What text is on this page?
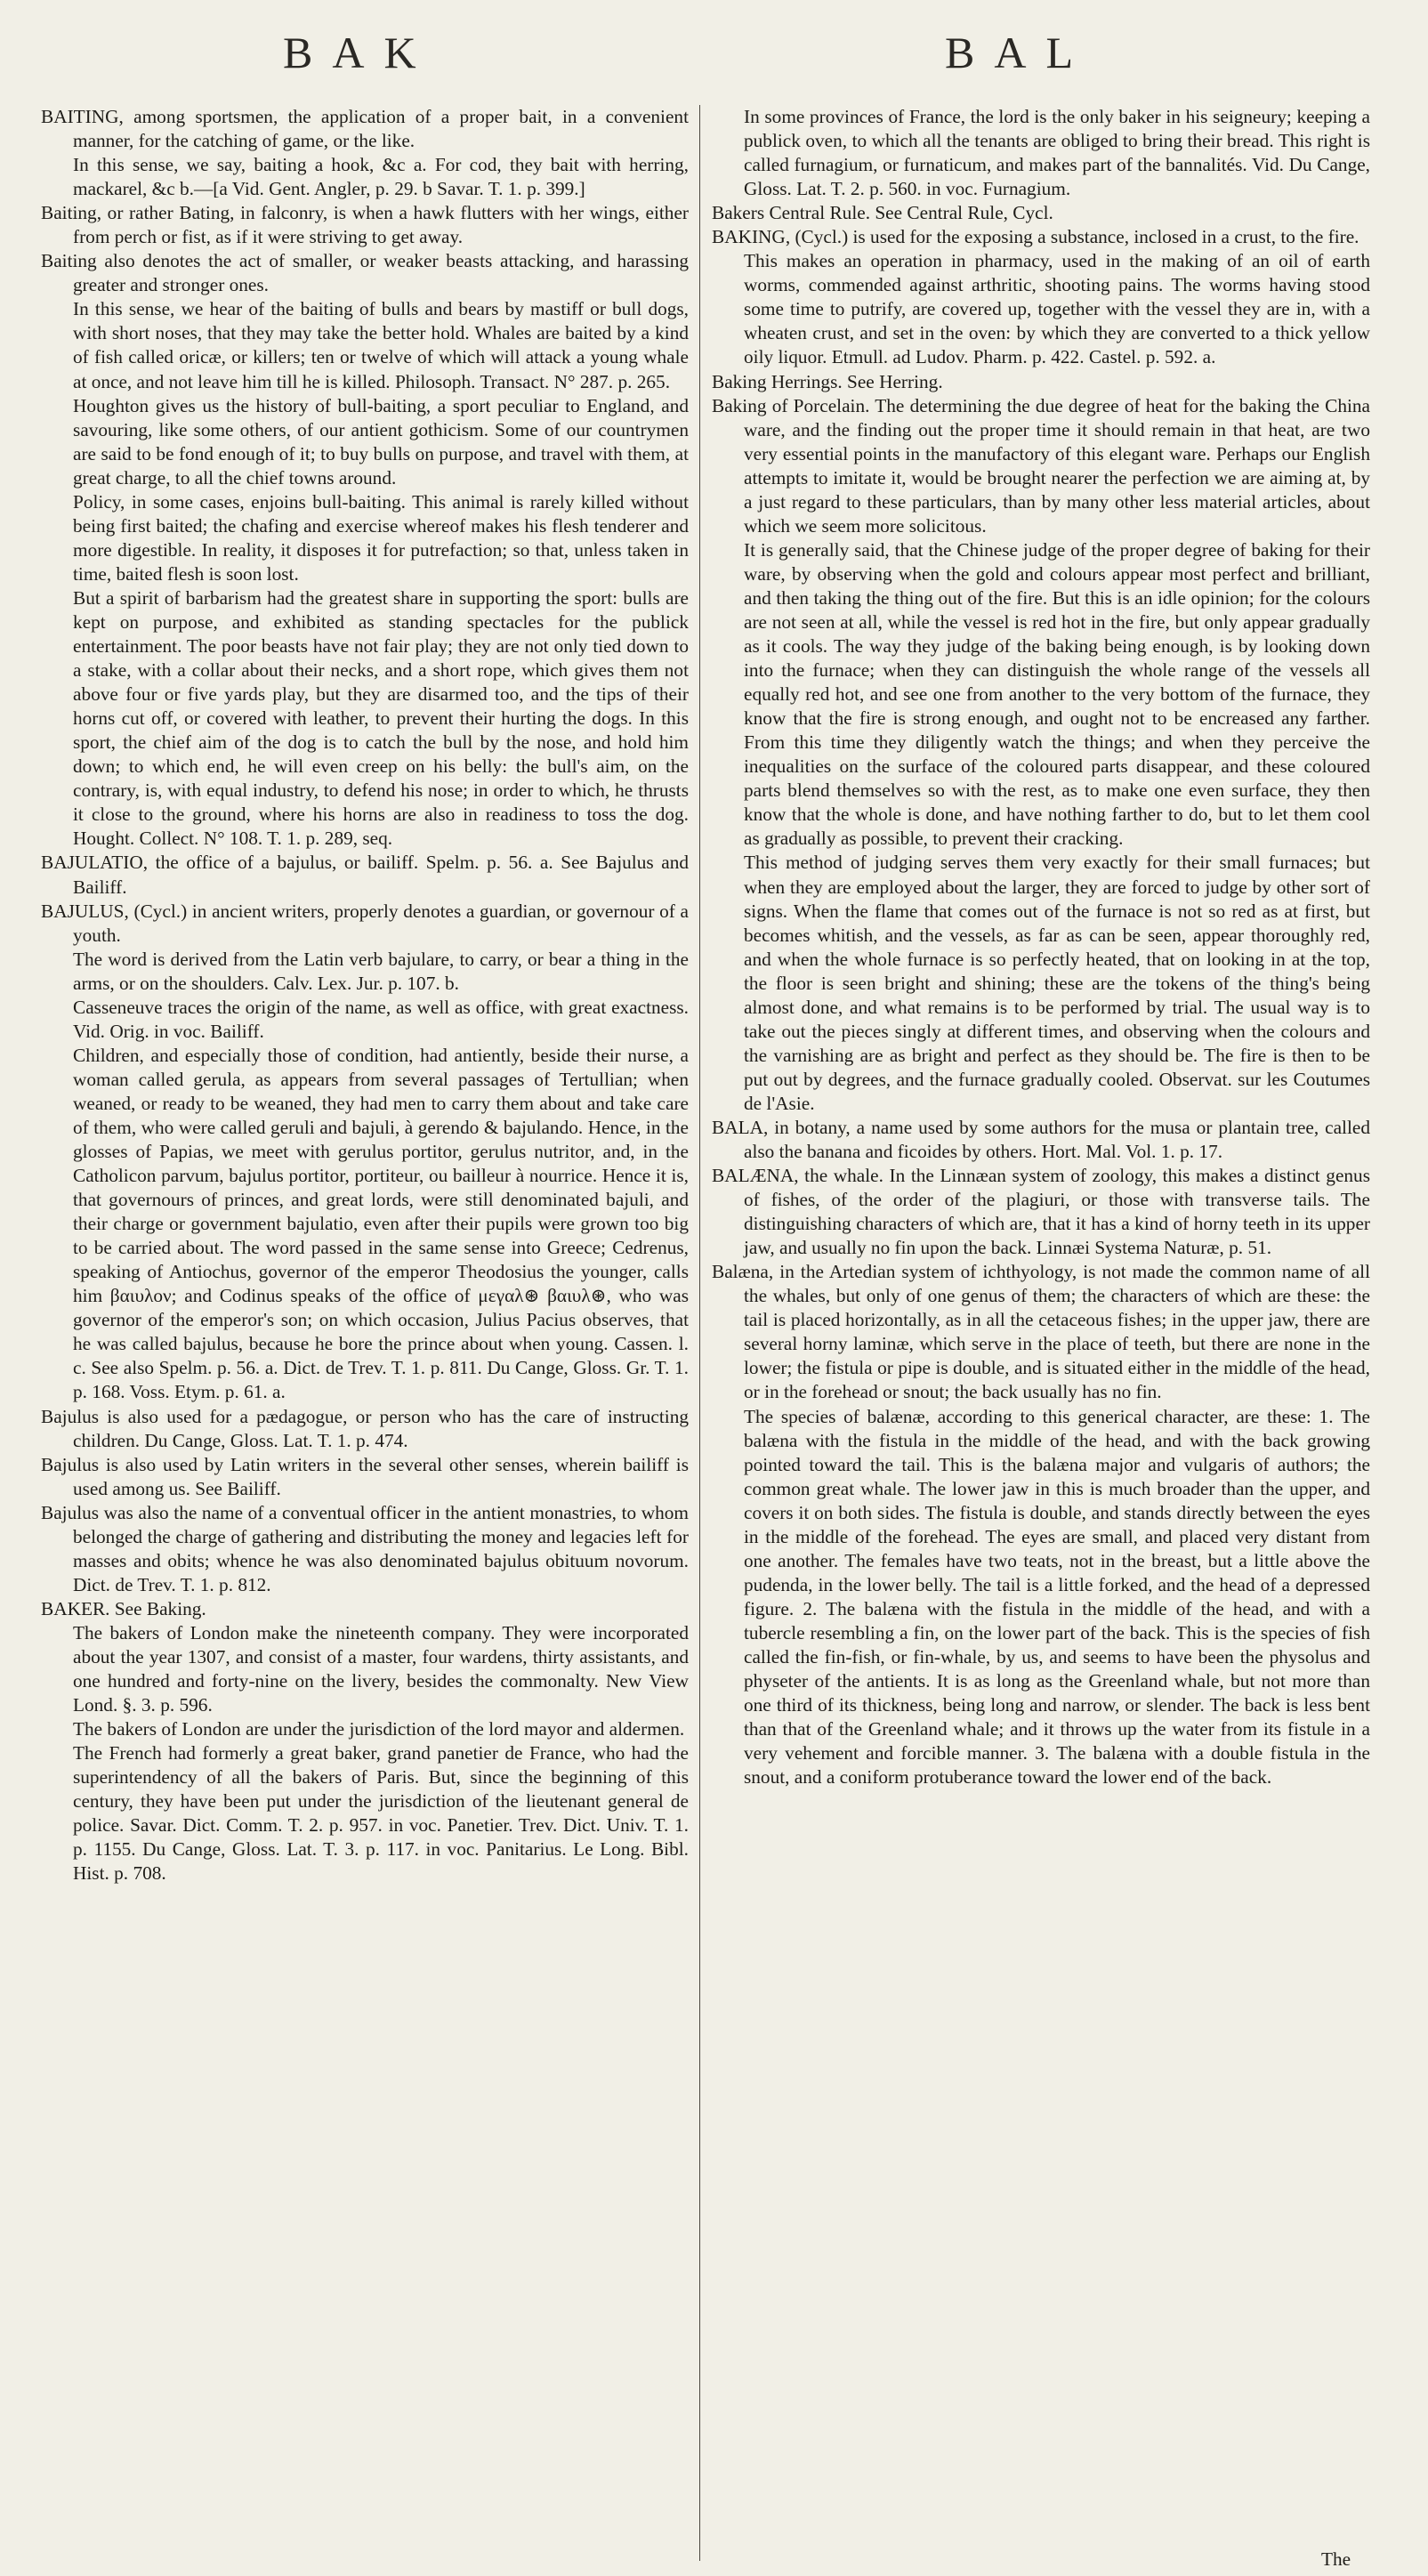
BAK	BAL

BAITING, among sportsmen, the application of a proper bait, in a convenient manner, for the catching of game, or the like.

In this sense, we say, baiting a hook, &c a. For cod, they bait with herring, mackarel, &c b.—[a Vid. Gent. Angler, p. 29. b Savar. T. 1. p. 399.]

Baiting, or rather Bating, in falconry, is when a hawk flutters with her wings, either from perch or fist, as if it were striving to get away.

Baiting also denotes the act of smaller, or weaker beasts attacking, and harassing greater and stronger ones.

In this sense, we hear of the baiting of bulls and bears by mastiff or bull dogs, with short noses, that they may take the better hold. Whales are baited by a kind of fish called oricæ, or killers; ten or twelve of which will attack a young whale at once, and not leave him till he is killed. Philosoph. Transact. N° 287. p. 265.

Houghton gives us the history of bull-baiting, a sport peculiar to England, and savouring, like some others, of our antient gothicism. Some of our countrymen are said to be fond enough of it; to buy bulls on purpose, and travel with them, at great charge, to all the chief towns around.

Policy, in some cases, enjoins bull-baiting. This animal is rarely killed without being first baited; the chafing and exercise whereof makes his flesh tenderer and more digestible. In reality, it disposes it for putrefaction; so that, unless taken in time, baited flesh is soon lost.

But a spirit of barbarism had the greatest share in supporting the sport: bulls are kept on purpose, and exhibited as standing spectacles for the publick entertainment. The poor beasts have not fair play; they are not only tied down to a stake, with a collar about their necks, and a short rope, which gives them not above four or five yards play, but they are disarmed too, and the tips of their horns cut off, or covered with leather, to prevent their hurting the dogs. In this sport, the chief aim of the dog is to catch the bull by the nose, and hold him down; to which end, he will even creep on his belly: the bull's aim, on the contrary, is, with equal industry, to defend his nose; in order to which, he thrusts it close to the ground, where his horns are also in readiness to toss the dog. Hought. Collect. N° 108. T. 1. p. 289, seq.

BAJULATIO, the office of a bajulus, or bailiff. Spelm. p. 56. a. See Bajulus and Bailiff.

BAJULUS, (Cycl.) in ancient writers, properly denotes a guardian, or governour of a youth.

The word is derived from the Latin verb bajulare, to carry, or bear a thing in the arms, or on the shoulders. Calv. Lex. Jur. p. 107. b.

Casseneuve traces the origin of the name, as well as office, with great exactness. Vid. Orig. in voc. Bailiff.

Children, and especially those of condition, had antiently, beside their nurse, a woman called gerula, as appears from several passages of Tertullian; when weaned, or ready to be weaned, they had men to carry them about and take care of them, who were called geruli and bajuli, à gerendo & bajulando. Hence, in the glosses of Papias, we meet with gerulus portitor, gerulus nutritor, and, in the Catholicon parvum, bajulus portitor, portiteur, ou bailleur à nourrice. Hence it is, that governours of princes, and great lords, were still denominated bajuli, and their charge or government bajulatio, even after their pupils were grown too big to be carried about. The word passed in the same sense into Greece; Cedrenus, speaking of Antiochus, governor of the emperor Theodosius the younger, calls him βαιυλον; and Codinus speaks of the office of μεγαλ⊛ βαιυλ⊛, who was governor of the emperor's son; on which occasion, Julius Pacius observes, that he was called bajulus, because he bore the prince about when young. Cassen. l. c. See also Spelm. p. 56. a. Dict. de Trev. T. 1. p. 811. Du Cange, Gloss. Gr. T. 1. p. 168. Voss. Etym. p. 61. a.

Bajulus is also used for a pædagogue, or person who has the care of instructing children. Du Cange, Gloss. Lat. T. 1. p. 474.

Bajulus is also used by Latin writers in the several other senses, wherein bailiff is used among us. See Bailiff.

Bajulus was also the name of a conventual officer in the antient monastries, to whom belonged the charge of gathering and distributing the money and legacies left for masses and obits; whence he was also denominated bajulus obituum novorum. Dict. de Trev. T. 1. p. 812.

BAKER. See Baking.

The bakers of London make the nineteenth company. They were incorporated about the year 1307, and consist of a master, four wardens, thirty assistants, and one hundred and forty-nine on the livery, besides the commonalty. New View Lond. §. 3. p. 596.

The bakers of London are under the jurisdiction of the lord mayor and aldermen.

The French had formerly a great baker, grand panetier de France, who had the superintendency of all the bakers of Paris. But, since the beginning of this century, they have been put under the jurisdiction of the lieutenant general de police. Savar. Dict. Comm. T. 2. p. 957. in voc. Panetier. Trev. Dict. Univ. T. 1. p. 1155. Du Cange, Gloss. Lat. T. 3. p. 117. in voc. Panitarius. Le Long. Bibl. Hist. p. 708.

In some provinces of France, the lord is the only baker in his seigneury; keeping a publick oven, to which all the tenants are obliged to bring their bread. This right is called furnagium, or furnaticum, and makes part of the bannalités. Vid. Du Cange, Gloss. Lat. T. 2. p. 560. in voc. Furnagium.

Bakers Central Rule. See Central Rule, Cycl.

BAKING, (Cycl.) is used for the exposing a substance, inclosed in a crust, to the fire.

This makes an operation in pharmacy, used in the making of an oil of earth worms, commended against arthritic, shooting pains. The worms having stood some time to putrify, are covered up, together with the vessel they are in, with a wheaten crust, and set in the oven: by which they are converted to a thick yellow oily liquor. Etmull. ad Ludov. Pharm. p. 422. Castel. p. 592. a.

Baking Herrings. See Herring.

Baking of Porcelain. The determining the due degree of heat for the baking the China ware, and the finding out the proper time it should remain in that heat, are two very essential points in the manufactory of this elegant ware. Perhaps our English attempts to imitate it, would be brought nearer the perfection we are aiming at, by a just regard to these particulars, than by many other less material articles, about which we seem more solicitous.

It is generally said, that the Chinese judge of the proper degree of baking for their ware, by observing when the gold and colours appear most perfect and brilliant, and then taking the thing out of the fire. But this is an idle opinion; for the colours are not seen at all, while the vessel is red hot in the fire, but only appear gradually as it cools. The way they judge of the baking being enough, is by looking down into the furnace; when they can distinguish the whole range of the vessels all equally red hot, and see one from another to the very bottom of the furnace, they know that the fire is strong enough, and ought not to be encreased any farther. From this time they diligently watch the things; and when they perceive the inequalities on the surface of the coloured parts disappear, and these coloured parts blend themselves so with the rest, as to make one even surface, they then know that the whole is done, and have nothing farther to do, but to let them cool as gradually as possible, to prevent their cracking.

This method of judging serves them very exactly for their small furnaces; but when they are employed about the larger, they are forced to judge by other sort of signs. When the flame that comes out of the furnace is not so red as at first, but becomes whitish, and the vessels, as far as can be seen, appear thoroughly red, and when the whole furnace is so perfectly heated, that on looking in at the top, the floor is seen bright and shining; these are the tokens of the thing's being almost done, and what remains is to be performed by trial. The usual way is to take out the pieces singly at different times, and observing when the colours and the varnishing are as bright and perfect as they should be. The fire is then to be put out by degrees, and the furnace gradually cooled. Observat. sur les Coutumes de l'Asie.

BALA, in botany, a name used by some authors for the musa or plantain tree, called also the banana and ficoides by others. Hort. Mal. Vol. 1. p. 17.

BALÆNA, the whale. In the Linnæan system of zoology, this makes a distinct genus of fishes, of the order of the plagiuri, or those with transverse tails. The distinguishing characters of which are, that it has a kind of horny teeth in its upper jaw, and usually no fin upon the back. Linnæi Systema Naturæ, p. 51.

Balæna, in the Artedian system of ichthyology, is not made the common name of all the whales, but only of one genus of them; the characters of which are these: the tail is placed horizontally, as in all the cetaceous fishes; in the upper jaw, there are several horny laminæ, which serve in the place of teeth, but there are none in the lower; the fistula or pipe is double, and is situated either in the middle of the head, or in the forehead or snout; the back usually has no fin.

The species of balænæ, according to this generical character, are these: 1. The balæna with the fistula in the middle of the head, and with the back growing pointed toward the tail. This is the balæna major and vulgaris of authors; the common great whale. The lower jaw in this is much broader than the upper, and covers it on both sides. The fistula is double, and stands directly between the eyes in the middle of the forehead. The eyes are small, and placed very distant from one another. The females have two teats, not in the breast, but a little above the pudenda, in the lower belly. The tail is a little forked, and the head of a depressed figure. 2. The balæna with the fistula in the middle of the head, and with a tubercle resembling a fin, on the lower part of the back. This is the species of fish called the fin-fish, or fin-whale, by us, and seems to have been the physolus and physeter of the antients. It is as long as the Greenland whale, but not more than one third of its thickness, being long and narrow, or slender. The back is less bent than that of the Greenland whale; and it throws up the water from its fistule in a very vehement and forcible manner. 3. The balæna with a double fistula in the snout, and a coniform protuberance toward the lower end of the back.

The
